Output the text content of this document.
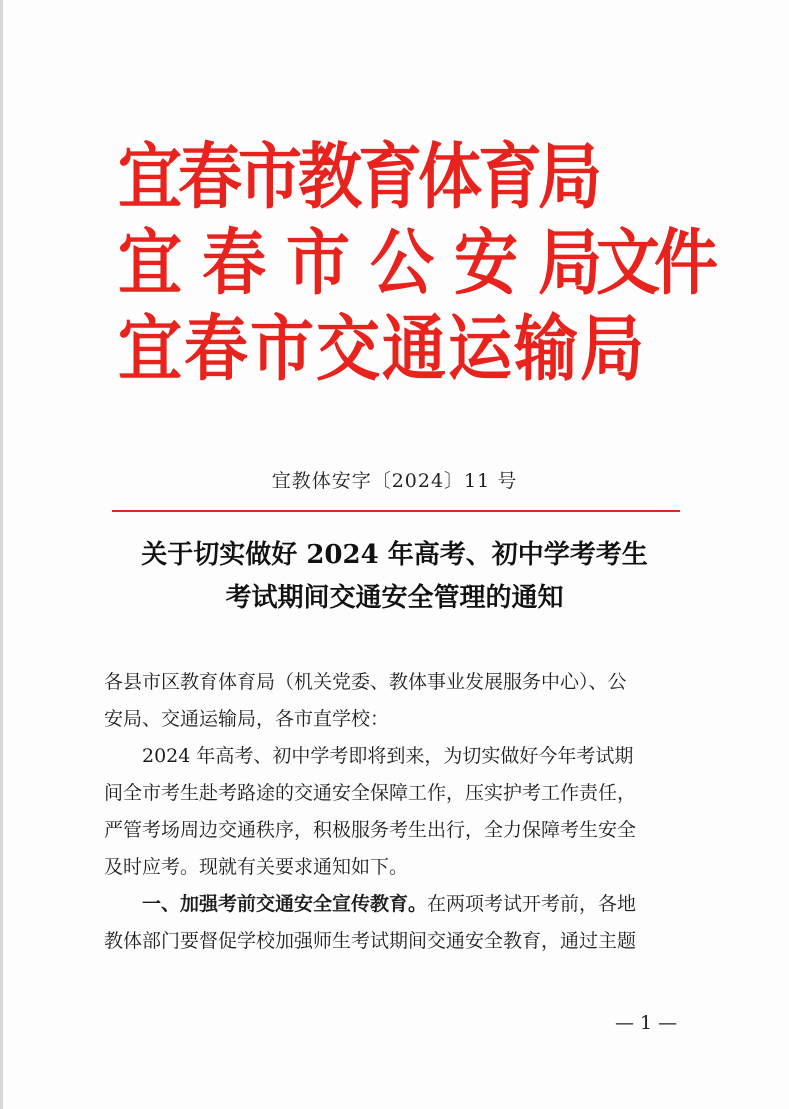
宜
春
市
教
育
体
育
局
宜 春 市 公 安 局
文
件
宜 春 市 交 通 运 输 局
宜教体安字〔2024〕11 号
关于切实做好 2024 年高考、初中学考考生
考试期间交通安全管理的通知

各县市区教育体育局（机关党委、教体事业发展服务中心）、公

安局、交通运输局，各市直学校：

2024 年高考、初中学考即将到来，为切实做好今年考试期

间全市考生赴考路途的交通安全保障工作，压实护考工作责任，

严管考场周边交通秩序，积极服务考生出行，全力保障考生安全

及时应考。现就有关要求通知如下。

一、加强考前交通安全宣传教育。在两项考试开考前，各地

教体部门要督促学校加强师生考试期间交通安全教育，通过主题

— 1 —
